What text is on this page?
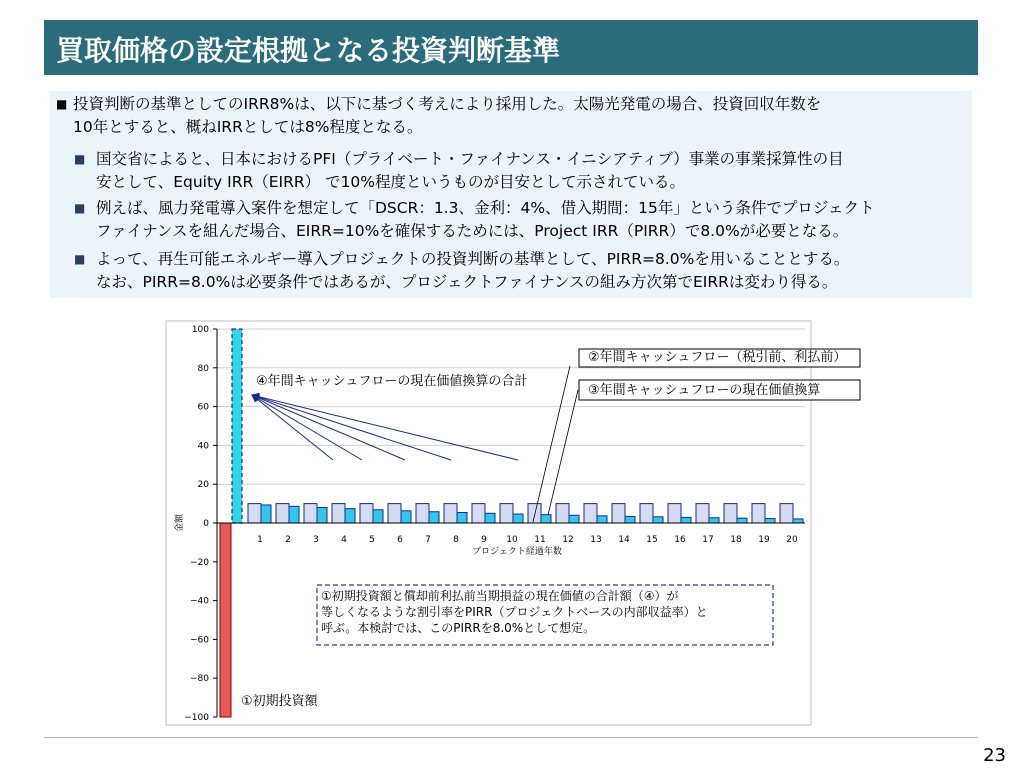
買取価格の設定根拠となる投資判断基準
■ 投資判断の基準としてのIRR8%は、以下に基づく考えにより採用した。太陽光発電の場合、投資回収年数を
10年とすると、概ねIRRとしては8%程度となる。
■ 国交省によると、日本におけるPFI（プライベート・ファイナンス・イニシアティブ）事業の事業採算性の目
安として、Equity IRR（EIRR） で10%程度というものが目安として示されている。
■ 例えば、風力発電導入案件を想定して「DSCR：1.3、金利：4%、借入期間：15年」という条件でプロジェクト
ファイナンスを組んだ場合、EIRR=10%を確保するためには、Project IRR（PIRR）で8.0%が必要となる。
■ よって、再生可能エネルギー導入プロジェクトの投資判断の基準として、PIRR=8.0%を用いることとする。
なお、PIRR=8.0%は必要条件ではあるが、プロジェクトファイナンスの組み方次第でEIRRは変わり得る。
100
80
60
40
20
0
−20
−40
−60
−80
−100
1 2 3 4 5 6 7 8 9 10 11 12 13 14 15 16 17 18 19 20
金額
プロジェクト経過年数
②年間キャッシュフロー（税引前、利払前）
③年間キャッシュフローの現在価値換算
④年間キャッシュフローの現在価値換算の合計
①初期投資額
①初期投資額と償却前利払前当期損益の現在価値の合計額（④）が
等しくなるような割引率をPIRR（プロジェクトベースの内部収益率）と
呼ぶ。本検討では、このPIRRを8.0%として想定。
23
